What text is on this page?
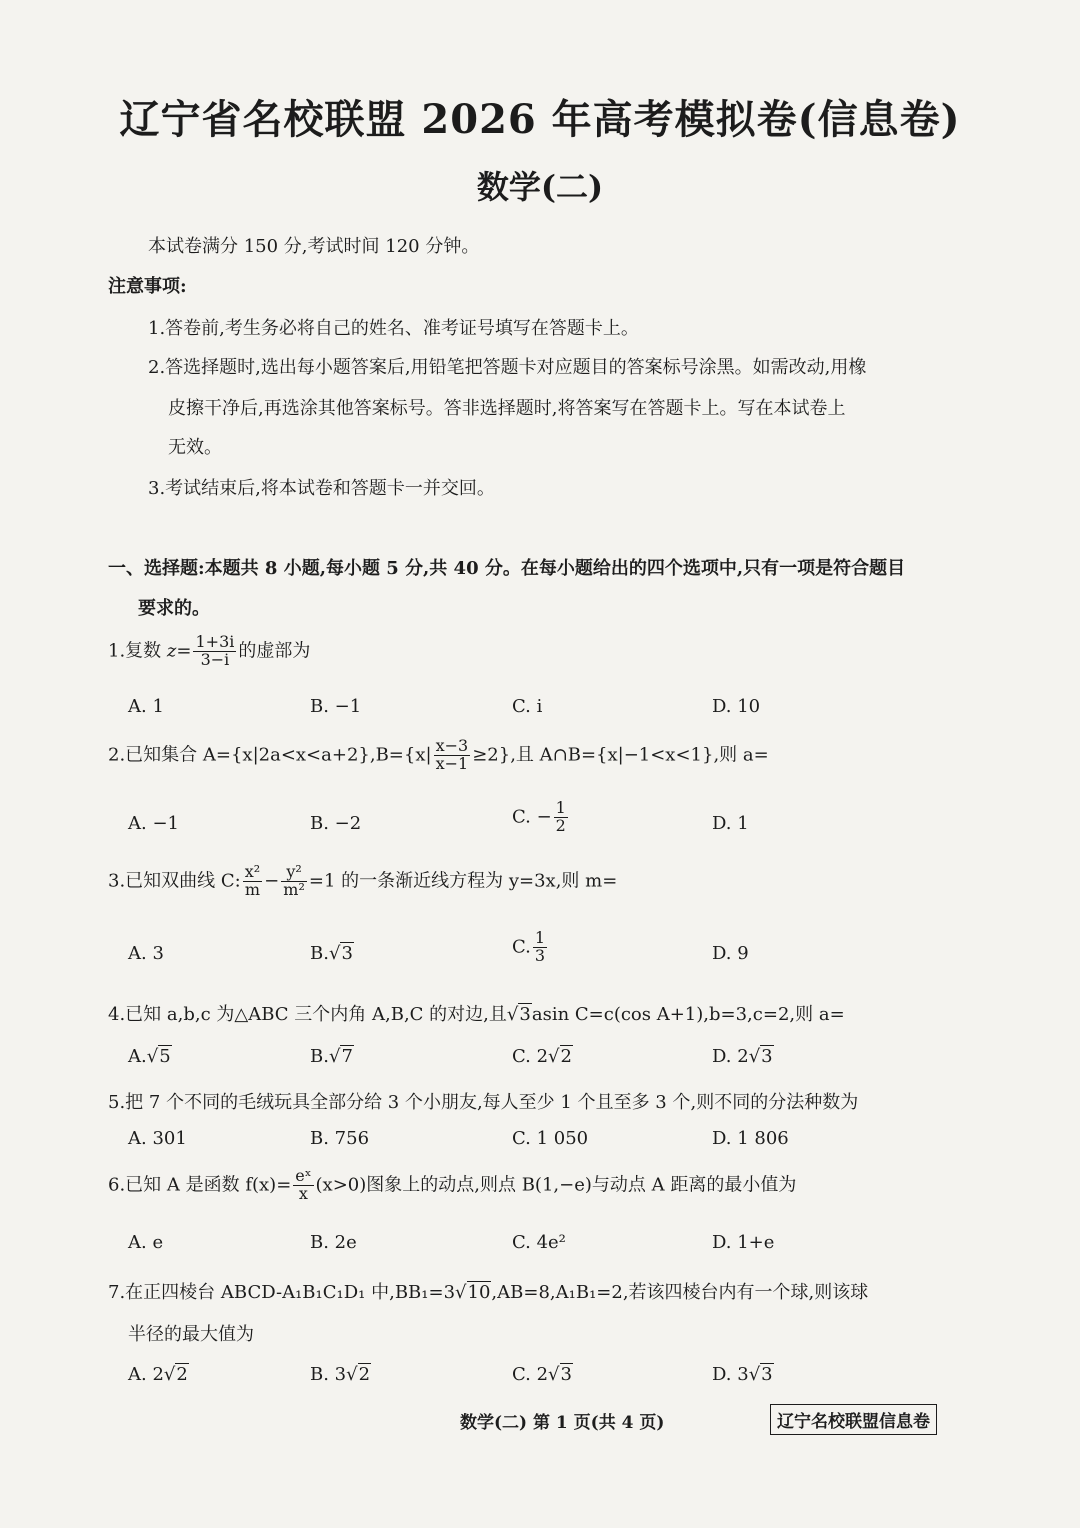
辽宁省名校联盟 2026 年高考模拟卷(信息卷)
数学(二)
本试卷满分 150 分,考试时间 120 分钟。
注意事项:
1.答卷前,考生务必将自己的姓名、准考证号填写在答题卡上。
2.答选择题时,选出每小题答案后,用铅笔把答题卡对应题目的答案标号涂黑。如需改动,用橡
皮擦干净后,再选涂其他答案标号。答非选择题时,将答案写在答题卡上。写在本试卷上
无效。
3.考试结束后,将本试卷和答题卡一并交回。
一、选择题:本题共 8 小题,每小题 5 分,共 40 分。在每小题给出的四个选项中,只有一项是符合题目
要求的。
1.复数 $z= \frac{1+3i}{3-i}$ 的虚部为
A. 1	B. −1	C. i	D. 10
2.已知集合 $A=\{x|2a<x<a+2\},B=\{x| \frac{x-3}{x-1} \ge 2\}$,且 A∩B={x|−1<x<1},则 a=
A. −1	B. −2	C. − $\frac{1}{2}$	D. 1
3.已知双曲线 C: $\frac{\text{x²}}{m} - \frac{\text{y²}}{\text{m²}} =1$ 的一条渐近线方程为 y=3x,则 m=
A. 3	B.√3	C. $\frac{1}{3}$	D. 9
4.已知 a,b,c 为△ABC 三个内角 A,B,C 的对边,且√3asin C=c(cos A+1),b=3,c=2,则 a=
A.√5	B.√7	C. 2√2	D. 2√3
5.把 7 个不同的毛绒玩具全部分给 3 个小朋友,每人至少 1 个且至多 3 个,则不同的分法种数为
A. 301	B. 756	C. 1 050	D. 1 806
6.已知 A 是函数 $f(x)= \frac{\text{eˣ}}{x} (x>0)$图象上的动点,则点 B(1,−e)与动点 A 距离的最小值为
A. e	B. 2e	C. 4e²	D. 1+e
7.在正四棱台 ABCD-A₁B₁C₁D₁ 中,BB₁=3√10,AB=8,A₁B₁=2,若该四棱台内有一个球,则该球
半径的最大值为
A. 2√2	B. 3√2	C. 2√3	D. 3√3
数学(二) 第 1 页(共 4 页)	辽宁名校联盟信息卷
